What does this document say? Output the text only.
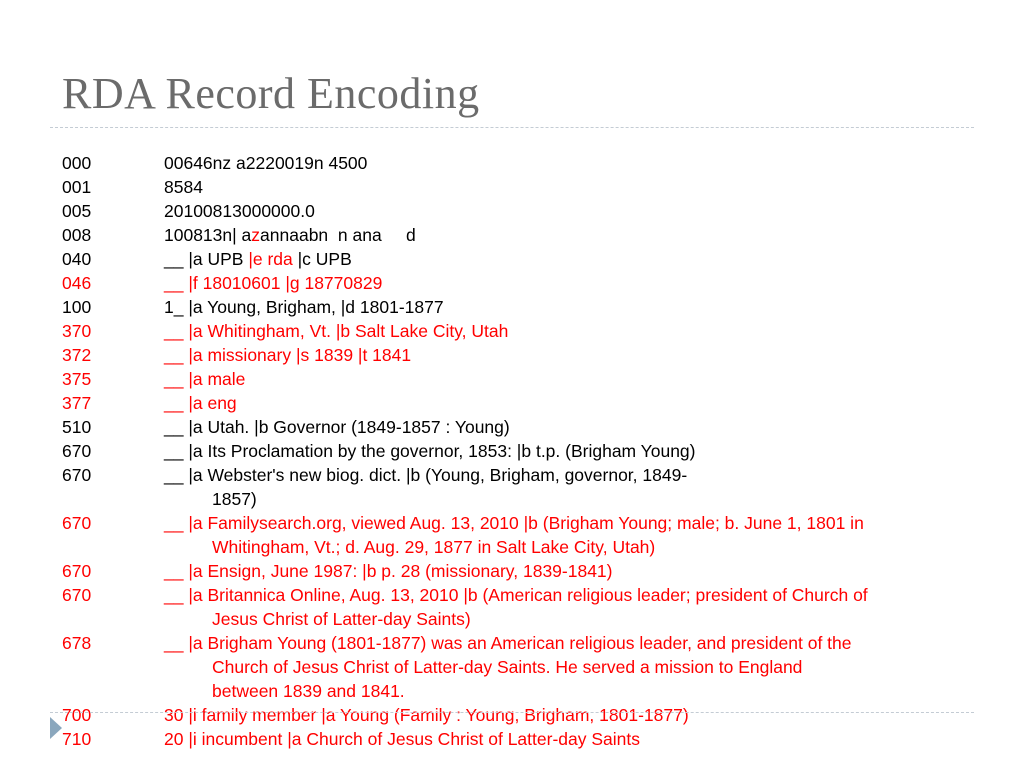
RDA Record Encoding
000	00646nz a2220019n 4500
001	8584
005	20100813000000.0
008	100813n| azannaabn  n ana     d
040	__ |a UPB |e rda |c UPB
046	__ |f 18010601 |g 18770829
100	1_ |a Young, Brigham, |d 1801-1877
370	__ |a Whitingham, Vt. |b Salt Lake City, Utah
372	__ |a missionary |s 1839 |t 1841
375	__ |a male
377	__ |a eng
510	__ |a Utah. |b Governor (1849-1857 : Young)
670	__ |a Its Proclamation by the governor, 1853: |b t.p. (Brigham Young)
670	__ |a Webster's new biog. dict. |b (Young, Brigham, governor, 1849-
1857)
670	__ |a Familysearch.org, viewed Aug. 13, 2010 |b (Brigham Young; male; b. June 1, 1801 in
Whitingham, Vt.; d. Aug. 29, 1877 in Salt Lake City, Utah)
670	__ |a Ensign, June 1987: |b p. 28 (missionary, 1839-1841)
670	__ |a Britannica Online, Aug. 13, 2010 |b (American religious leader; president of Church of
Jesus Christ of Latter-day Saints)
678	__ |a Brigham Young (1801-1877) was an American religious leader, and president of the
Church of Jesus Christ of Latter-day Saints. He served a mission to England
between 1839 and 1841.
700	30 |i family member |a Young (Family : Young, Brigham, 1801-1877)
710	20 |i incumbent |a Church of Jesus Christ of Latter-day Saints
